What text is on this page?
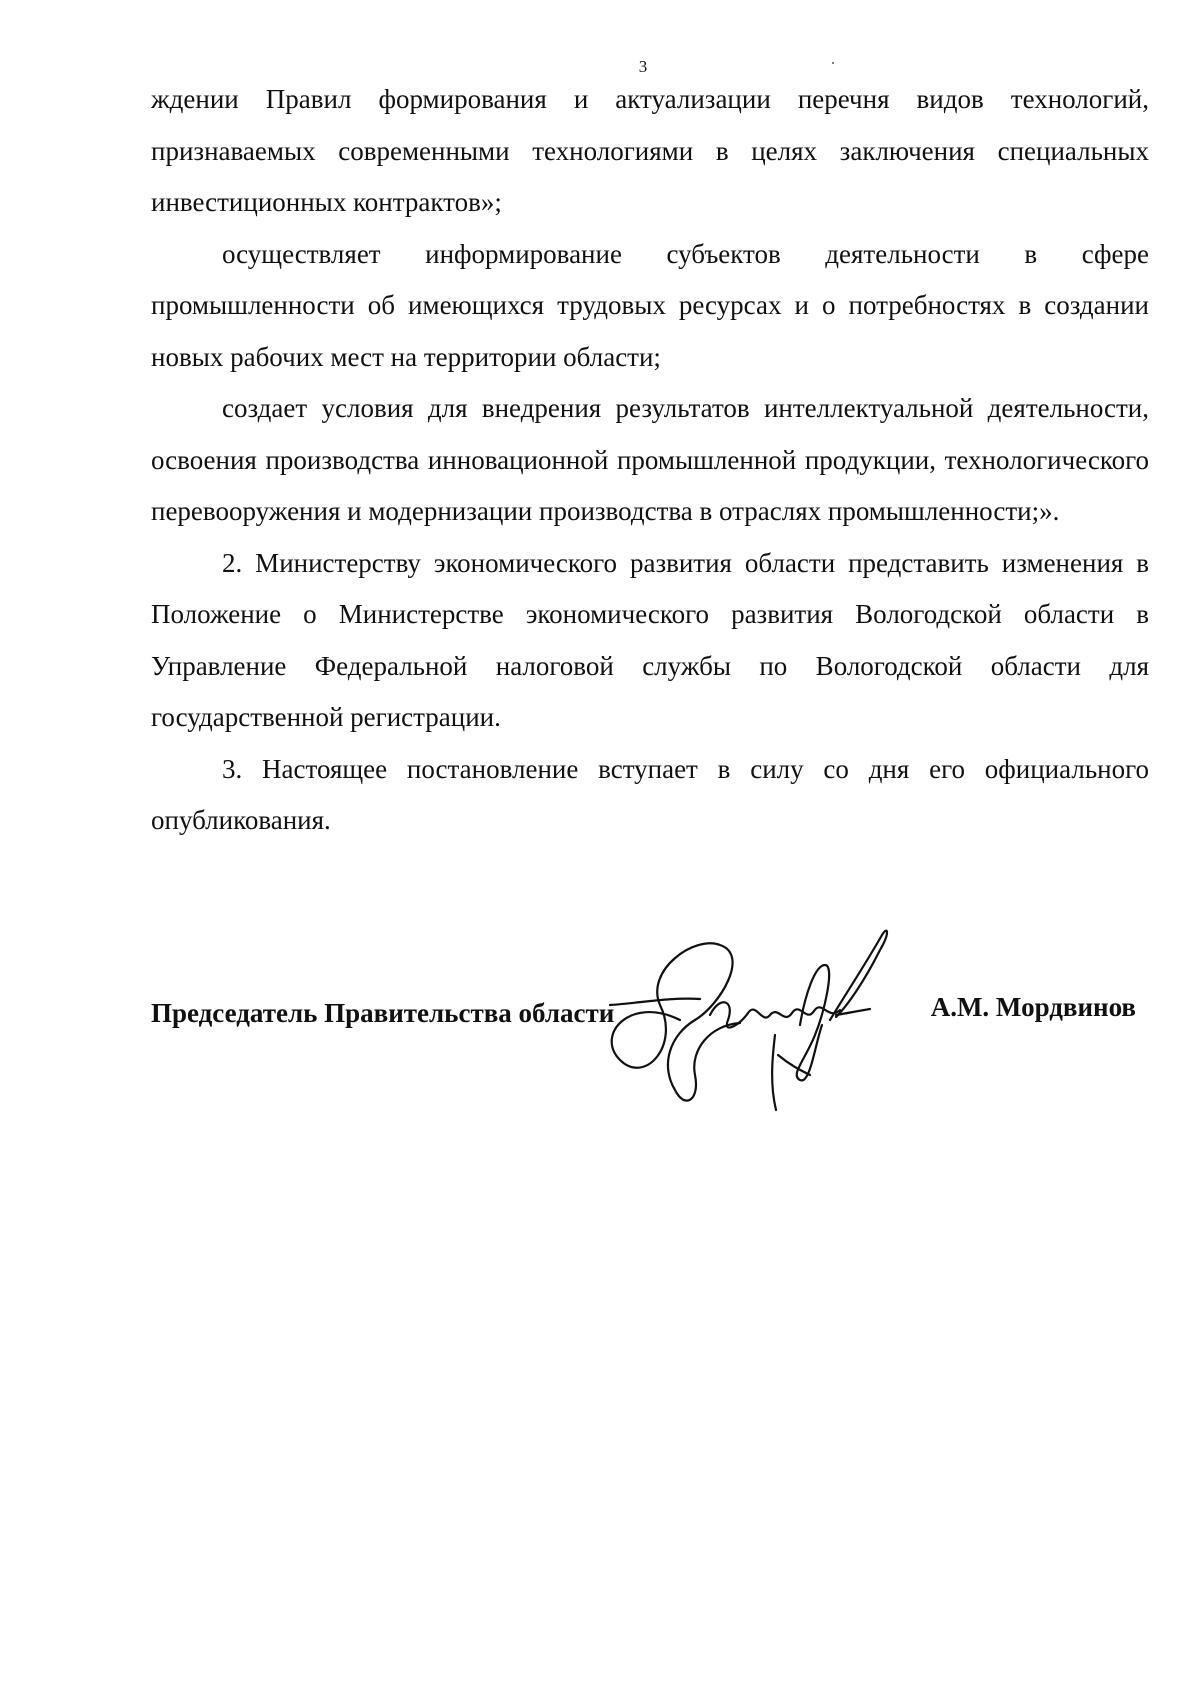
3

ждении Правил формирования и актуализации перечня видов технологий, признаваемых современными технологиями в целях заключения специальных инвестиционных контрактов»;

осуществляет информирование субъектов деятельности в сфере промышленности об имеющихся трудовых ресурсах и о потребностях в создании новых рабочих мест на территории области;

создает условия для внедрения результатов интеллектуальной деятельности, освоения производства инновационной промышленной продукции, технологического перевооружения и модернизации производства в отраслях промышленности;».

2. Министерству экономического развития области представить изменения в Положение о Министерстве экономического развития Вологодской области в Управление Федеральной налоговой службы по Вологодской области для государственной регистрации.

3. Настоящее постановление вступает в силу со дня его официального опубликования.

Председатель Правительства области	А.М. Мордвинов
